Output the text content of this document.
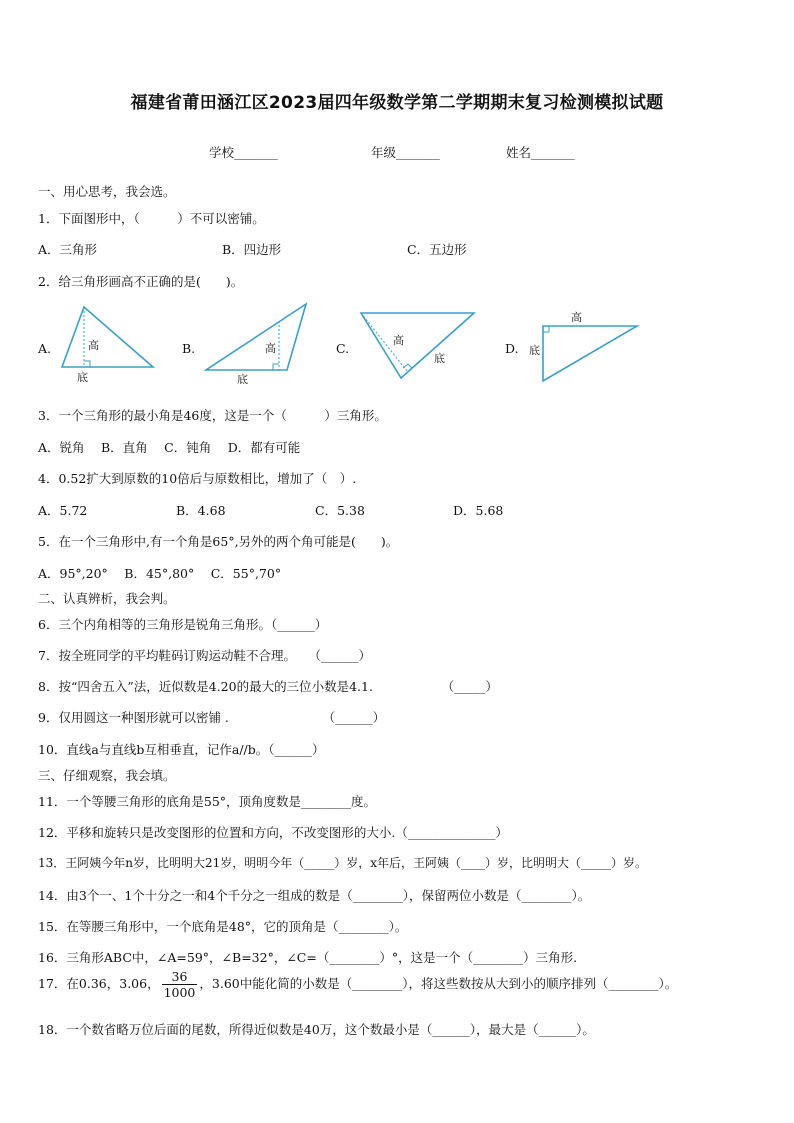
福建省莆田涵江区2023届四年级数学第二学期期末复习检测模拟试题
学校_______	年级_______	姓名_______
一、用心思考，我会选。
1．下面图形中，（　　　）不可以密铺。
A．三角形	B．四边形	C．五边形
2．给三角形画高不正确的是(　　)。
A.	B.	C.	D.
高
底
高
底
高
底
高
底
3．一个三角形的最小角是46度，这是一个（　　　）三角形。
A．锐角　 B．直角　 C．钝角　 D．都有可能
4．0.52扩大到原数的10倍后与原数相比，增加了（　）.
A．5.72	B．4.68	C．5.38	D．5.68
5．在一个三角形中,有一个角是65°,另外的两个角可能是(　　)。
A．95°,20°　 B．45°,80°　 C．55°,70°
二、认真辨析，我会判。
6．三个内角相等的三角形是锐角三角形。（______）
7．按全班同学的平均鞋码订购运动鞋不合理。　　（______）
8．按“四舍五入”法，近似数是4.20的最大的三位小数是4.1.　　　　　　（_____）
9．仅用圆这一种图形就可以密铺 .　　　　　　　　（______）
10．直线a与直线b互相垂直，记作a//b。（______）
三、仔细观察，我会填。
11．一个等腰三角形的底角是55°，顶角度数是________度。
12．平移和旋转只是改变图形的位置和方向，不改变图形的大小.（______________）
13．王阿姨今年n岁，比明明大21岁，明明今年（_____）岁，x年后，王阿姨（____）岁，比明明大（_____）岁。
14．由3个一、1个十分之一和4个千分之一组成的数是（________），保留两位小数是（________）。
15．在等腰三角形中，一个底角是48°，它的顶角是（________）。
16．三角形ABC中，∠A=59°，∠B=32°，∠C=（________）°，这是一个（________）三角形.
17．在0.36，3.06， $\frac{36}{1000}$ ，3.60中能化简的小数是（________），将这些数按从大到小的顺序排列（________）。
18．一个数省略万位后面的尾数，所得近似数是40万，这个数最小是（______），最大是（______）。
